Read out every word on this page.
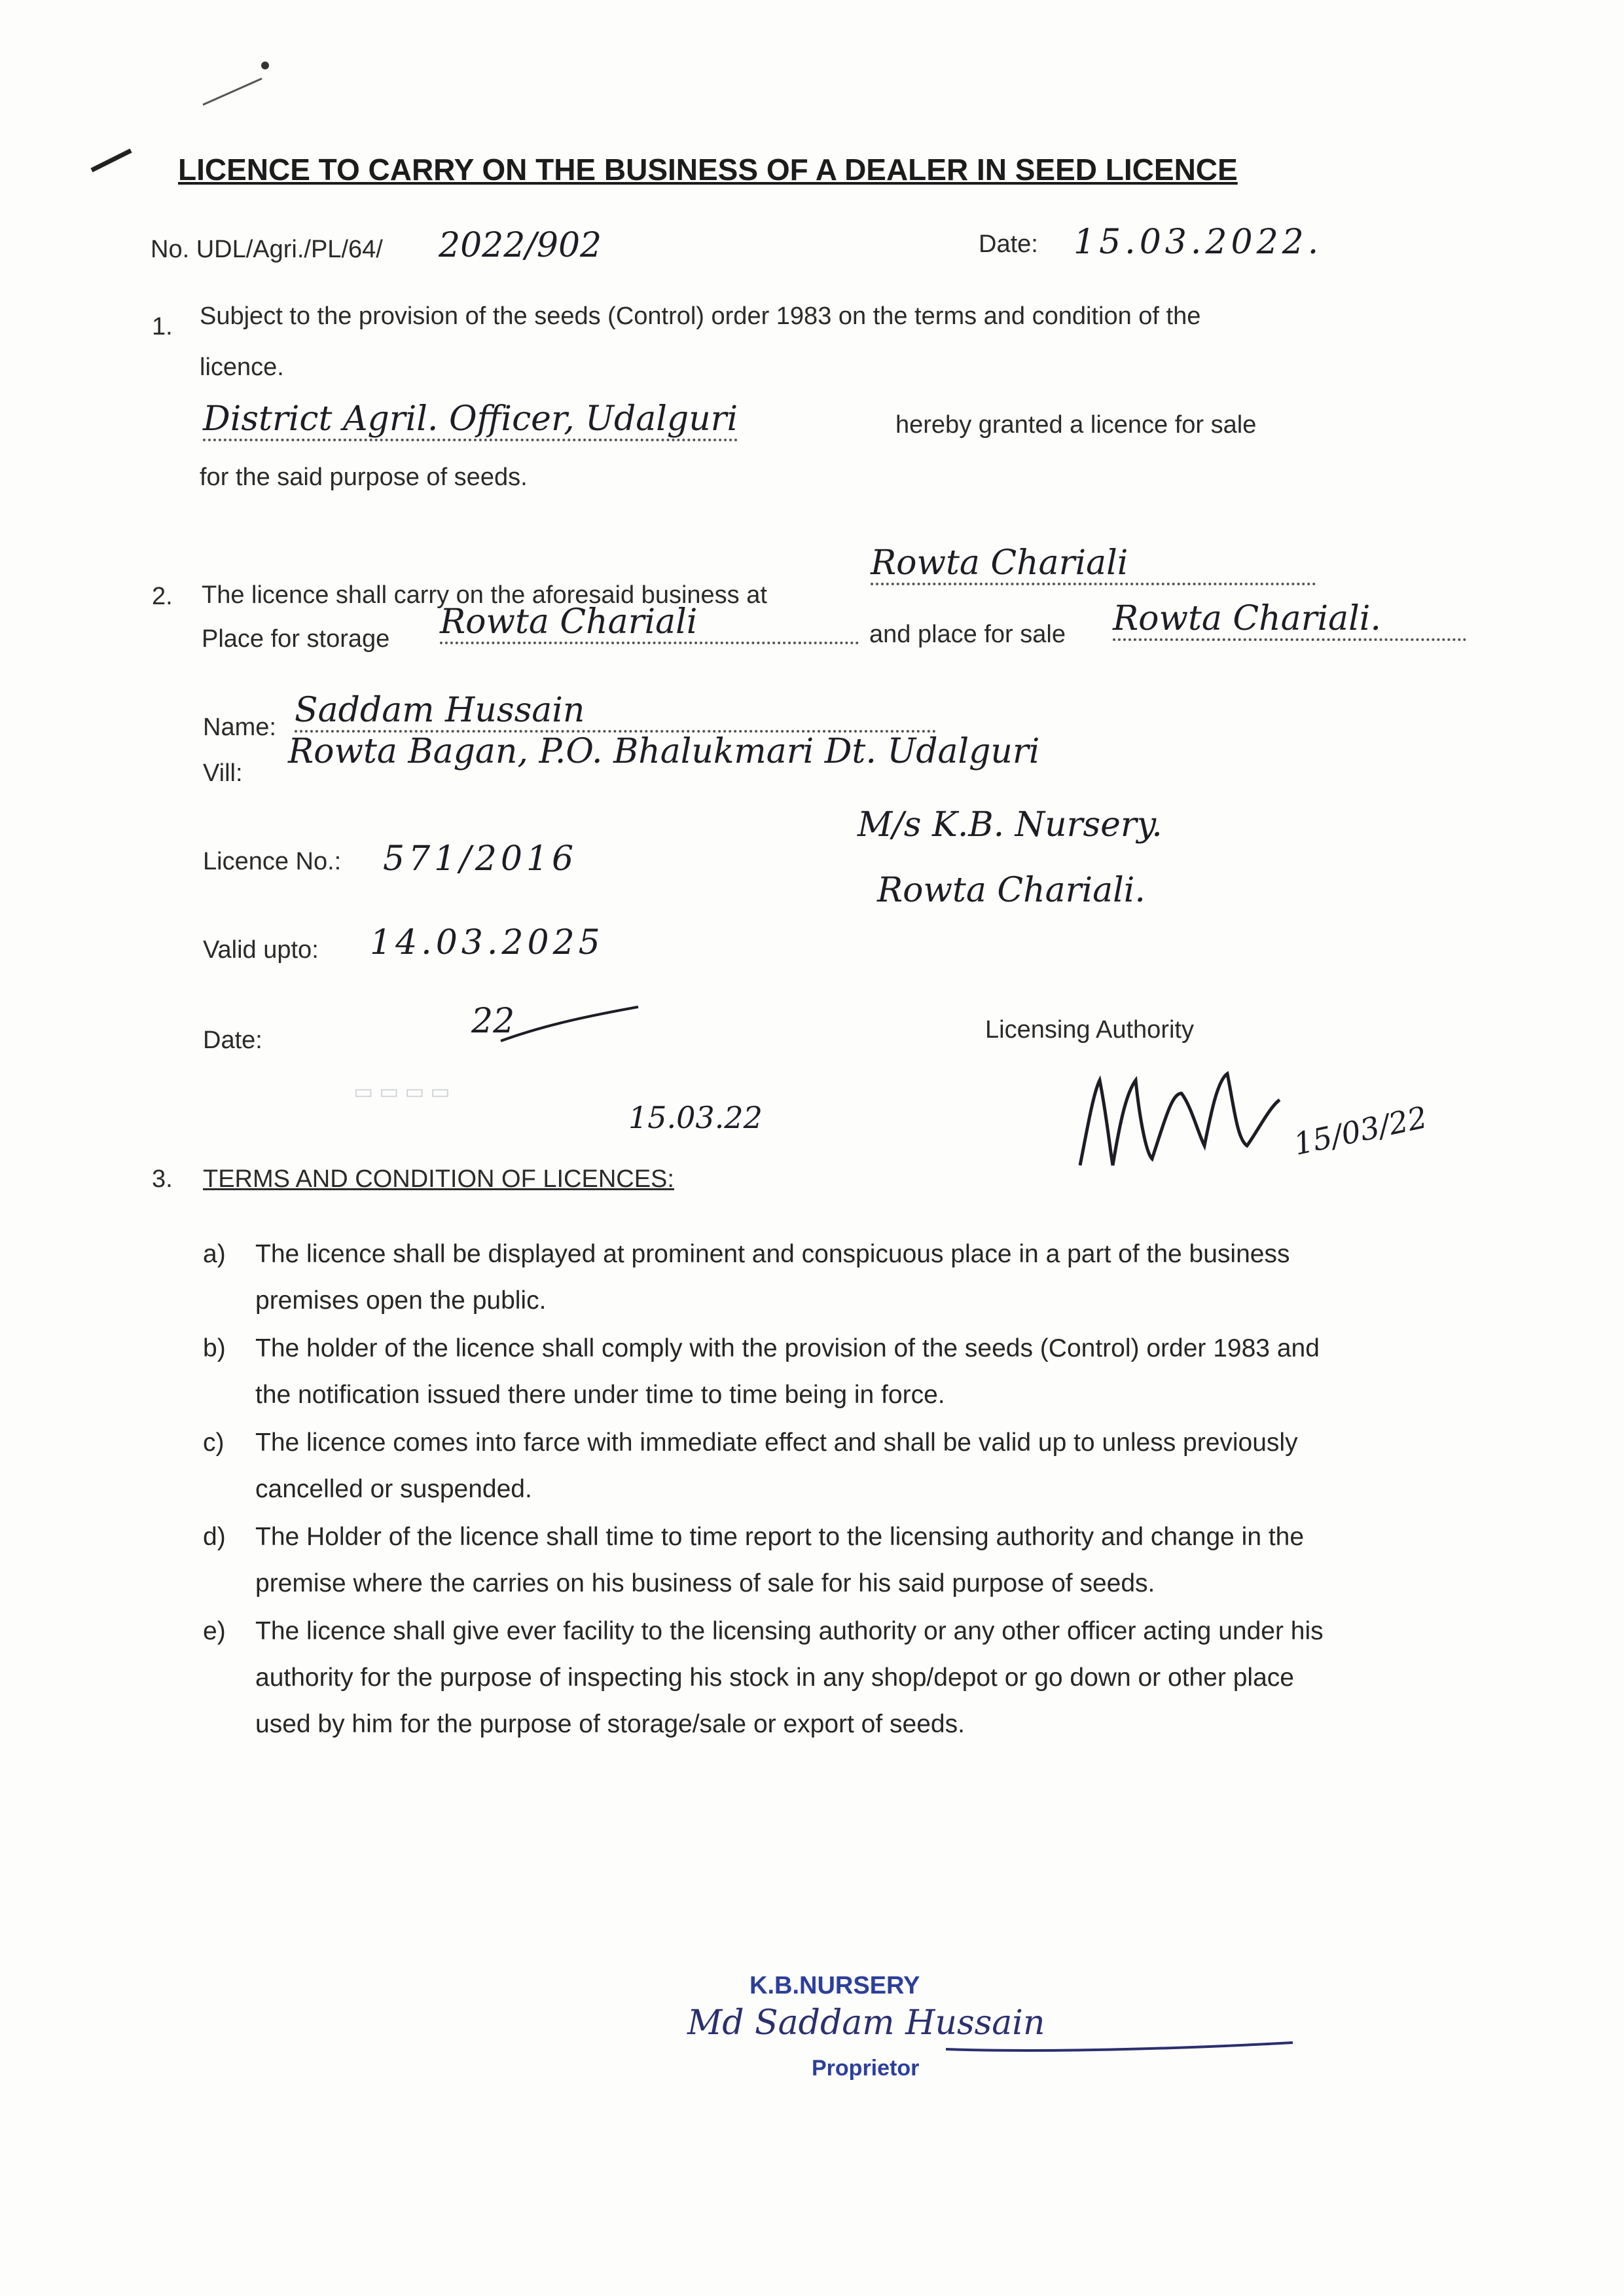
LICENCE TO CARRY ON THE BUSINESS OF A DEALER IN SEED LICENCE
No. UDL/Agri./PL/64/ 2022/902	Date: 15.03.2022.
1. Subject to the provision of the seeds (Control) order 1983 on the terms and condition of the
licence.
District Agril. Officer, Udalguri	hereby granted a licence for sale
for the said purpose of seeds.
2. The licence shall carry on the aforesaid business at
Rowta Chariali
Place for storage Rowta Chariali	and place for sale Rowta Chariali.
Name: Saddam Hussain
Vill:
Rowta Bagan, P.O. Bhalukmari Dt. Udalguri
M/s K.B. Nursery.
Rowta Chariali.
Licence No.: 571/2016
Valid upto: 14.03.2025
Date:	22
15.03.22
Licensing Authority
15/03/22
▭ ▭ ▭ ▭
3. TERMS AND CONDITION OF LICENCES:
a)	The licence shall be displayed at prominent and conspicuous place in a part of the business premises open the public.
b)	The holder of the licence shall comply with the provision of the seeds (Control) order 1983 and the notification issued there under time to time being in force.
c)	The licence comes into farce with immediate effect and shall be valid up to unless previously cancelled or suspended.
d)	The Holder of the licence shall time to time report to the licensing authority and change in the premise where the carries on his business of sale for his said purpose of seeds.
e)	The licence shall give ever facility to the licensing authority or any other officer acting under his authority for the purpose of inspecting his stock in any shop/depot or go down or other place used by him for the purpose of storage/sale or export of seeds.
K.B.NURSERY
Md Saddam Hussain
Proprietor
